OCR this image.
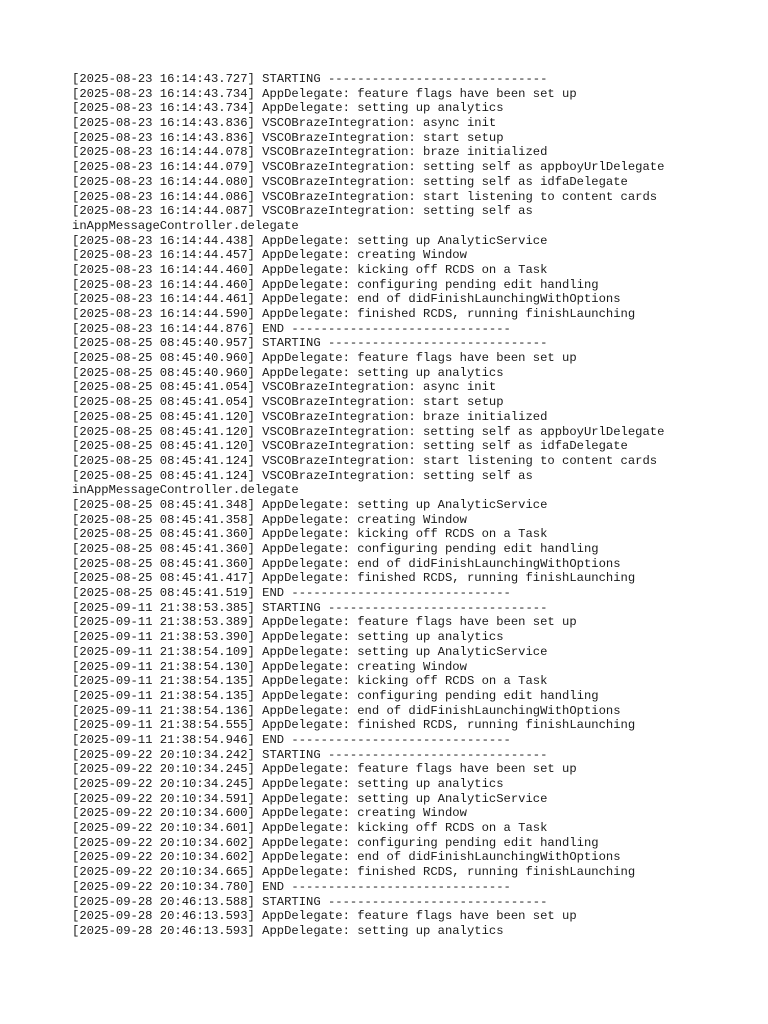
[2025-08-23 16:14:43.727] STARTING ------------------------------
[2025-08-23 16:14:43.734] AppDelegate: feature flags have been set up
[2025-08-23 16:14:43.734] AppDelegate: setting up analytics
[2025-08-23 16:14:43.836] VSCOBrazeIntegration: async init
[2025-08-23 16:14:43.836] VSCOBrazeIntegration: start setup
[2025-08-23 16:14:44.078] VSCOBrazeIntegration: braze initialized
[2025-08-23 16:14:44.079] VSCOBrazeIntegration: setting self as appboyUrlDelegate
[2025-08-23 16:14:44.080] VSCOBrazeIntegration: setting self as idfaDelegate
[2025-08-23 16:14:44.086] VSCOBrazeIntegration: start listening to content cards
[2025-08-23 16:14:44.087] VSCOBrazeIntegration: setting self as
inAppMessageController.delegate
[2025-08-23 16:14:44.438] AppDelegate: setting up AnalyticService
[2025-08-23 16:14:44.457] AppDelegate: creating Window
[2025-08-23 16:14:44.460] AppDelegate: kicking off RCDS on a Task
[2025-08-23 16:14:44.460] AppDelegate: configuring pending edit handling
[2025-08-23 16:14:44.461] AppDelegate: end of didFinishLaunchingWithOptions
[2025-08-23 16:14:44.590] AppDelegate: finished RCDS, running finishLaunching
[2025-08-23 16:14:44.876] END ------------------------------
[2025-08-25 08:45:40.957] STARTING ------------------------------
[2025-08-25 08:45:40.960] AppDelegate: feature flags have been set up
[2025-08-25 08:45:40.960] AppDelegate: setting up analytics
[2025-08-25 08:45:41.054] VSCOBrazeIntegration: async init
[2025-08-25 08:45:41.054] VSCOBrazeIntegration: start setup
[2025-08-25 08:45:41.120] VSCOBrazeIntegration: braze initialized
[2025-08-25 08:45:41.120] VSCOBrazeIntegration: setting self as appboyUrlDelegate
[2025-08-25 08:45:41.120] VSCOBrazeIntegration: setting self as idfaDelegate
[2025-08-25 08:45:41.124] VSCOBrazeIntegration: start listening to content cards
[2025-08-25 08:45:41.124] VSCOBrazeIntegration: setting self as
inAppMessageController.delegate
[2025-08-25 08:45:41.348] AppDelegate: setting up AnalyticService
[2025-08-25 08:45:41.358] AppDelegate: creating Window
[2025-08-25 08:45:41.360] AppDelegate: kicking off RCDS on a Task
[2025-08-25 08:45:41.360] AppDelegate: configuring pending edit handling
[2025-08-25 08:45:41.360] AppDelegate: end of didFinishLaunchingWithOptions
[2025-08-25 08:45:41.417] AppDelegate: finished RCDS, running finishLaunching
[2025-08-25 08:45:41.519] END ------------------------------
[2025-09-11 21:38:53.385] STARTING ------------------------------
[2025-09-11 21:38:53.389] AppDelegate: feature flags have been set up
[2025-09-11 21:38:53.390] AppDelegate: setting up analytics
[2025-09-11 21:38:54.109] AppDelegate: setting up AnalyticService
[2025-09-11 21:38:54.130] AppDelegate: creating Window
[2025-09-11 21:38:54.135] AppDelegate: kicking off RCDS on a Task
[2025-09-11 21:38:54.135] AppDelegate: configuring pending edit handling
[2025-09-11 21:38:54.136] AppDelegate: end of didFinishLaunchingWithOptions
[2025-09-11 21:38:54.555] AppDelegate: finished RCDS, running finishLaunching
[2025-09-11 21:38:54.946] END ------------------------------
[2025-09-22 20:10:34.242] STARTING ------------------------------
[2025-09-22 20:10:34.245] AppDelegate: feature flags have been set up
[2025-09-22 20:10:34.245] AppDelegate: setting up analytics
[2025-09-22 20:10:34.591] AppDelegate: setting up AnalyticService
[2025-09-22 20:10:34.600] AppDelegate: creating Window
[2025-09-22 20:10:34.601] AppDelegate: kicking off RCDS on a Task
[2025-09-22 20:10:34.602] AppDelegate: configuring pending edit handling
[2025-09-22 20:10:34.602] AppDelegate: end of didFinishLaunchingWithOptions
[2025-09-22 20:10:34.665] AppDelegate: finished RCDS, running finishLaunching
[2025-09-22 20:10:34.780] END ------------------------------
[2025-09-28 20:46:13.588] STARTING ------------------------------
[2025-09-28 20:46:13.593] AppDelegate: feature flags have been set up
[2025-09-28 20:46:13.593] AppDelegate: setting up analytics
